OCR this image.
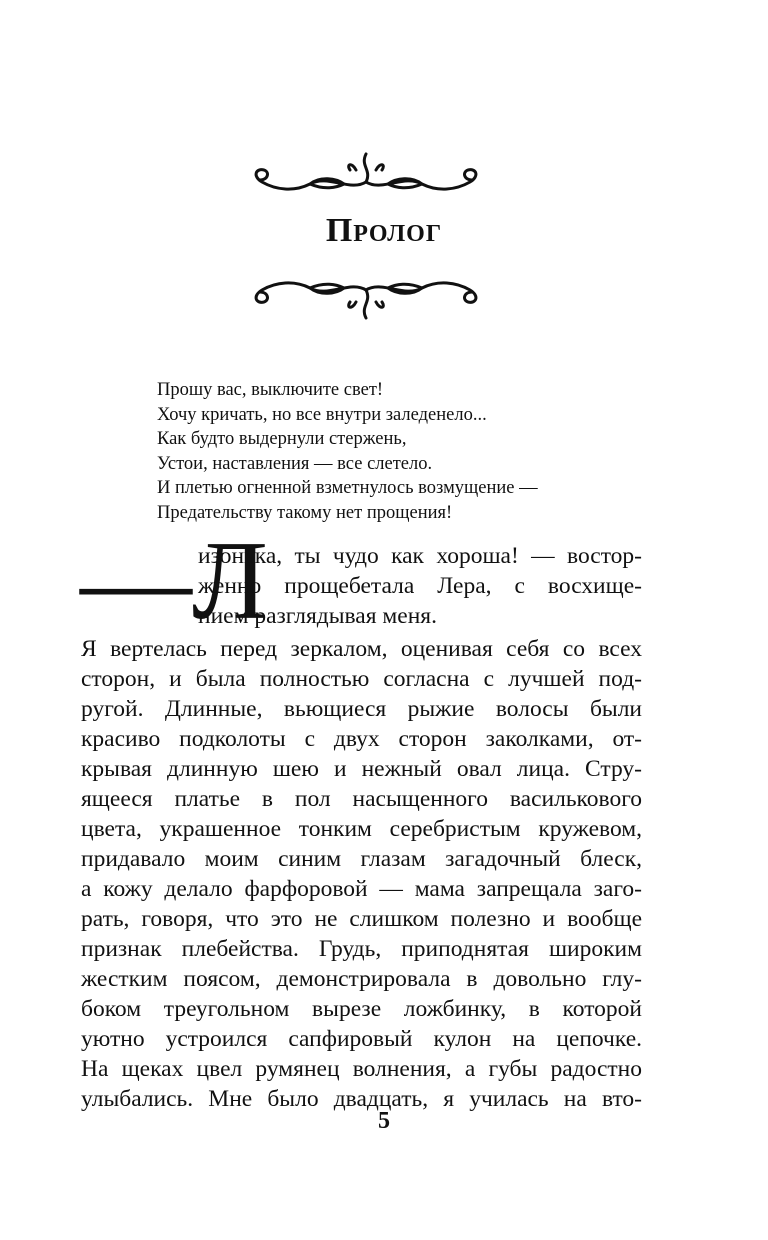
Пролог
Прошу вас, выключите свет!
Хочу кричать, но все внутри заледенело...
Как будто выдернули стержень,
Устои, наставления — все слетело.
И плетью огненной взметнулось возмущение —
Предательству такому нет прощения!
—Л
изонька, ты чудо как хороша! — востор-
женно прощебетала Лера, с восхище-
нием разглядывая меня.
Я вертелась перед зеркалом, оценивая себя со всех
сторон, и была полностью согласна с лучшей под-
ругой. Длинные, вьющиеся рыжие волосы были
красиво подколоты с двух сторон заколками, от-
крывая длинную шею и нежный овал лица. Стру-
ящееся платье в пол насыщенного василькового
цвета, украшенное тонким серебристым кружевом,
придавало моим синим глазам загадочный блеск,
а кожу делало фарфоровой — мама запрещала заго-
рать, говоря, что это не слишком полезно и вообще
признак плебейства. Грудь, приподнятая широким
жестким поясом, демонстрировала в довольно глу-
боком треугольном вырезе ложбинку, в которой
уютно устроился сапфировый кулон на цепочке.
На щеках цвел румянец волнения, а губы радостно
улыбались. Мне было двадцать, я училась на вто-
5
